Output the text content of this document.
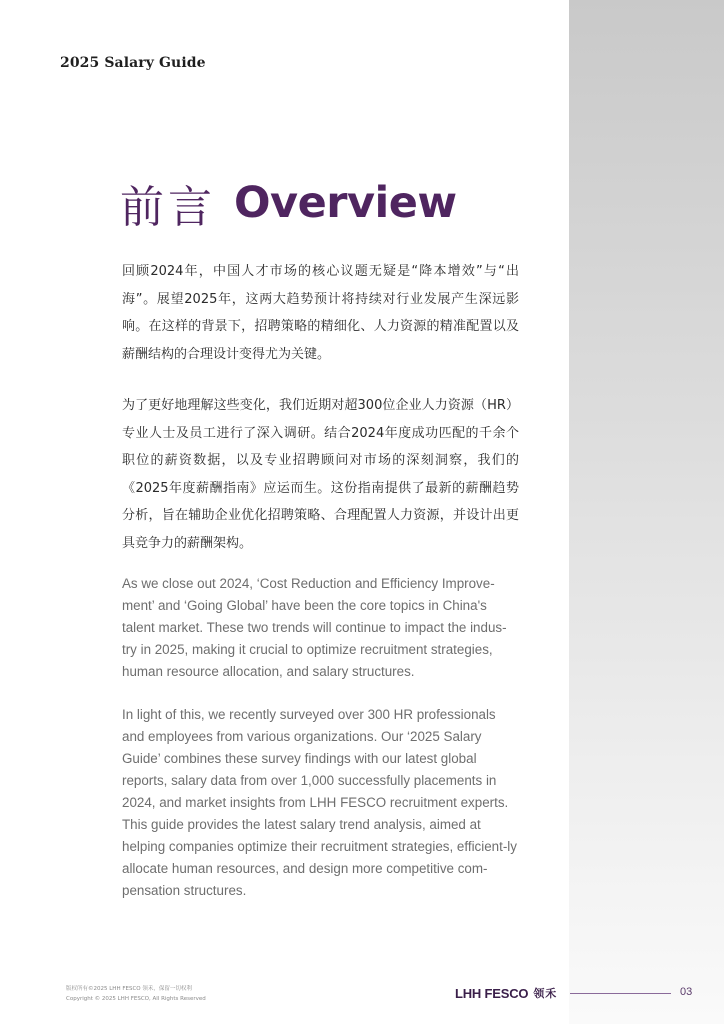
2025 Salary Guide
前言 Overview

回顾2024年，中国人才市场的核心议题无疑是“降本增效”与“出海”。展望2025年，这两大趋势预计将持续对行业发展产生深远影响。在这样的背景下，招聘策略的精细化、人力资源的精准配置以及薪酬结构的合理设计变得尤为关键。

为了更好地理解这些变化，我们近期对超300位企业人力资源（HR）专业人士及员工进行了深入调研。结合2024年度成功匹配的千余个职位的薪资数据，以及专业招聘顾问对市场的深刻洞察，我们的《2025年度薪酬指南》应运而生。这份指南提供了最新的薪酬趋势分析，旨在辅助企业优化招聘策略、合理配置人力资源，并设计出更具竞争力的薪酬架构。

As we close out 2024, ‘Cost Reduction and Efficiency Improve-ment’ and ‘Going Global’ have been the core topics in China's talent market. These two trends will continue to impact the indus-try in 2025, making it crucial to optimize recruitment strategies, human resource allocation, and salary structures.

In light of this, we recently surveyed over 300 HR professionals and employees from various organizations. Our ‘2025 Salary Guide’ combines these survey findings with our latest global reports, salary data from over 1,000 successfully placements in 2024, and market insights from LHH FESCO recruitment experts. This guide provides the latest salary trend analysis, aimed at helping companies optimize their recruitment strategies, efficient-ly allocate human resources, and design more competitive com-pensation structures.

版权所有©2025 LHH FESCO 领禾，保留一切权利
Copyright © 2025 LHH FESCO, All Rights Reserved	LHH FESCO 领禾	03
